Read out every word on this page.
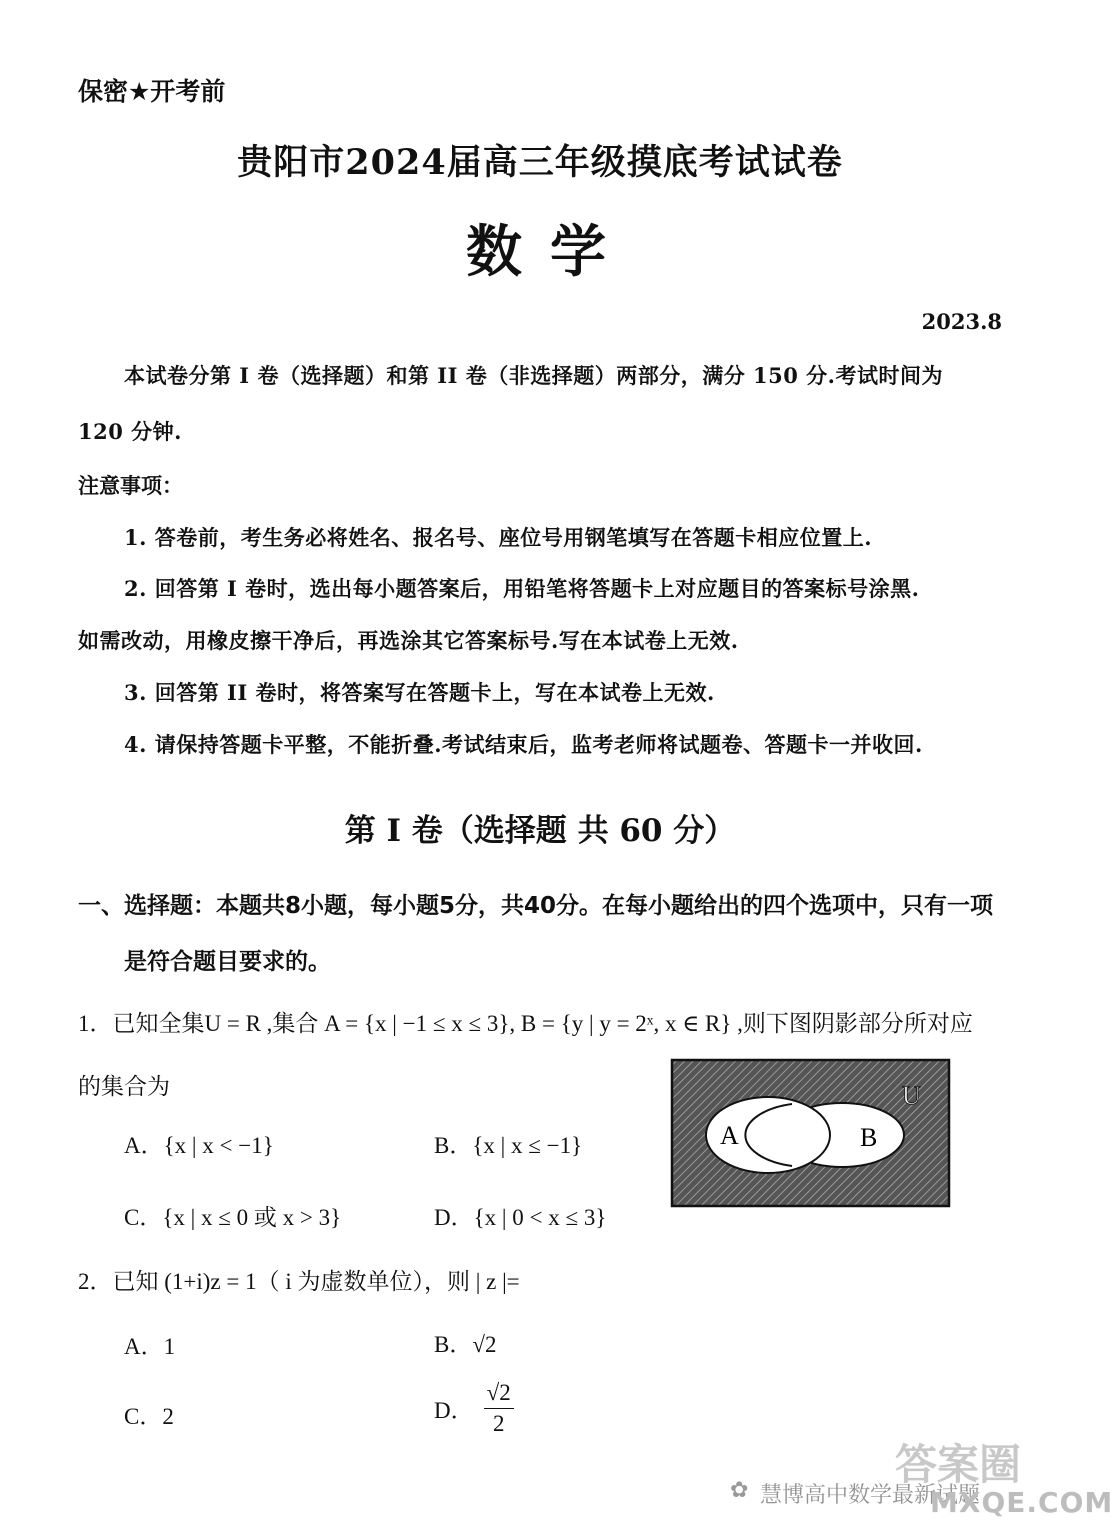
保密★开考前
贵阳市2024届高三年级摸底考试试卷
数学
2023.8
本试卷分第 I 卷（选择题）和第 II 卷（非选择题）两部分，满分 150 分.考试时间为
120 分钟.
注意事项：
1. 答卷前，考生务必将姓名、报名号、座位号用钢笔填写在答题卡相应位置上.
2. 回答第 I 卷时，选出每小题答案后，用铅笔将答题卡上对应题目的答案标号涂黑.
如需改动，用橡皮擦干净后，再选涂其它答案标号.写在本试卷上无效.
3. 回答第 II 卷时，将答案写在答题卡上，写在本试卷上无效.
4. 请保持答题卡平整，不能折叠.考试结束后，监考老师将试题卷、答题卡一并收回.
第 I 卷（选择题 共 60 分）
一、选择题：本题共8小题，每小题5分，共40分。在每小题给出的四个选项中，只有一项
是符合题目要求的。
1．已知全集U = R ,集合 A = {x | −1 ≤ x ≤ 3}, B = {y | y = 2ˣ, x ∈ R} ,则下图阴影部分所对应
的集合为
A．{x | x < −1}	B．{x | x ≤ −1}
C．{x | x ≤ 0 或 x > 3}	D．{x | 0 < x ≤ 3}
A	B
U
2．已知 (1+i)z = 1（ i 为虚数单位），则 | z |=
A．1	B．√2
C．2	D． $\frac{√2}{2}$
答案圈
✿ 慧博高中数学最新试题
MXQE.COM
